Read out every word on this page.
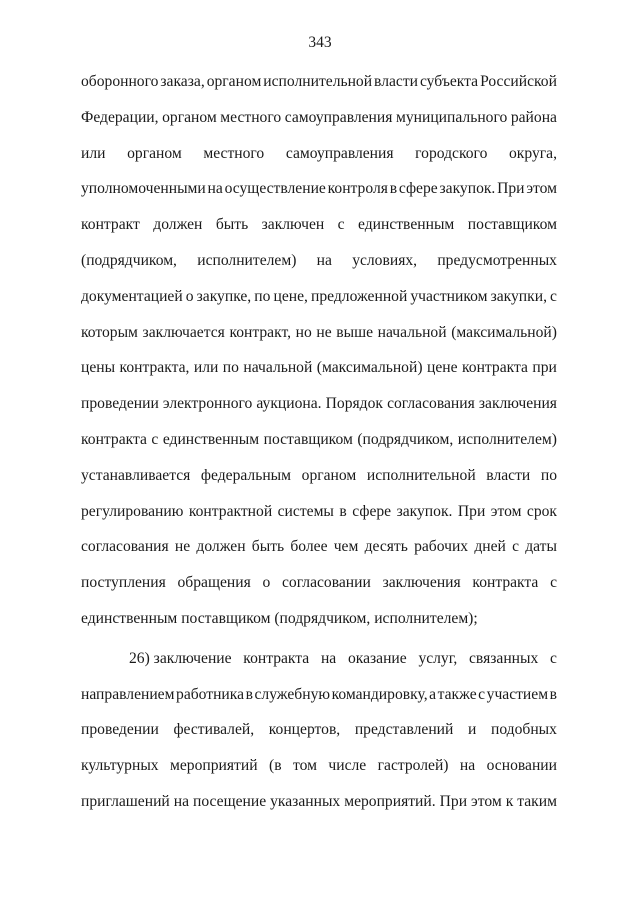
343
оборонного заказа, органом исполнительной власти субъекта Российской
Федерации, органом местного самоуправления муниципального района
или органом местного самоуправления городского округа,
уполномоченными на осуществление контроля в сфере закупок. При этом
контракт должен быть заключен с единственным поставщиком
(подрядчиком, исполнителем) на условиях, предусмотренных
документацией о закупке, по цене, предложенной участником закупки, с
которым заключается контракт, но не выше начальной (максимальной)
цены контракта, или по начальной (максимальной) цене контракта при
проведении электронного аукциона. Порядок согласования заключения
контракта с единственным поставщиком (подрядчиком, исполнителем)
устанавливается федеральным органом исполнительной власти по
регулированию контрактной системы в сфере закупок. При этом срок
согласования не должен быть более чем десять рабочих дней с даты
поступления обращения о согласовании заключения контракта с
единственным поставщиком (подрядчиком, исполнителем);
26) заключение контракта на оказание услуг, связанных с
направлением работника в служебную командировку, а также с участием в
проведении фестивалей, концертов, представлений и подобных
культурных мероприятий (в том числе гастролей) на основании
приглашений на посещение указанных мероприятий. При этом к таким
